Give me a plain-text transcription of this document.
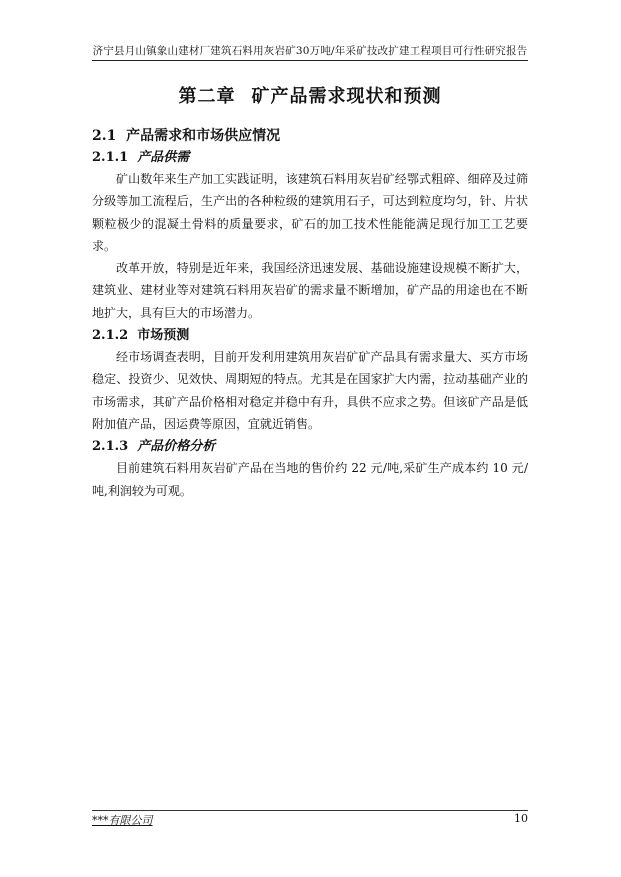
济宁县月山镇象山建材厂建筑石料用灰岩矿30万吨/年采矿技改扩建工程项目可行性研究报告
第二章 矿产品需求现状和预测
2.1 产品需求和市场供应情况
2.1.1 产品供需

矿山数年来生产加工实践证明，该建筑石料用灰岩矿经鄂式粗碎、细碎及过筛分级等加工流程后，生产出的各种粒级的建筑用石子，可达到粒度均匀，针、片状颗粒极少的混凝土骨料的质量要求，矿石的加工技术性能能满足现行加工工艺要求。

改革开放，特别是近年来，我国经济迅速发展、基础设施建设规模不断扩大，建筑业、建材业等对建筑石料用灰岩矿的需求量不断增加，矿产品的用途也在不断地扩大，具有巨大的市场潜力。

2.1.2 市场预测

经市场调查表明，目前开发利用建筑用灰岩矿矿产品具有需求量大、买方市场稳定、投资少、见效快、周期短的特点。尤其是在国家扩大内需，拉动基础产业的市场需求，其矿产品价格相对稳定并稳中有升，具供不应求之势。但该矿产品是低附加值产品，因运费等原因，宜就近销售。

2.1.3 产品价格分析

目前建筑石料用灰岩矿产品在当地的售价约 22 元/吨,采矿生产成本约 10 元/吨,利润较为可观。

***有限公司	10
